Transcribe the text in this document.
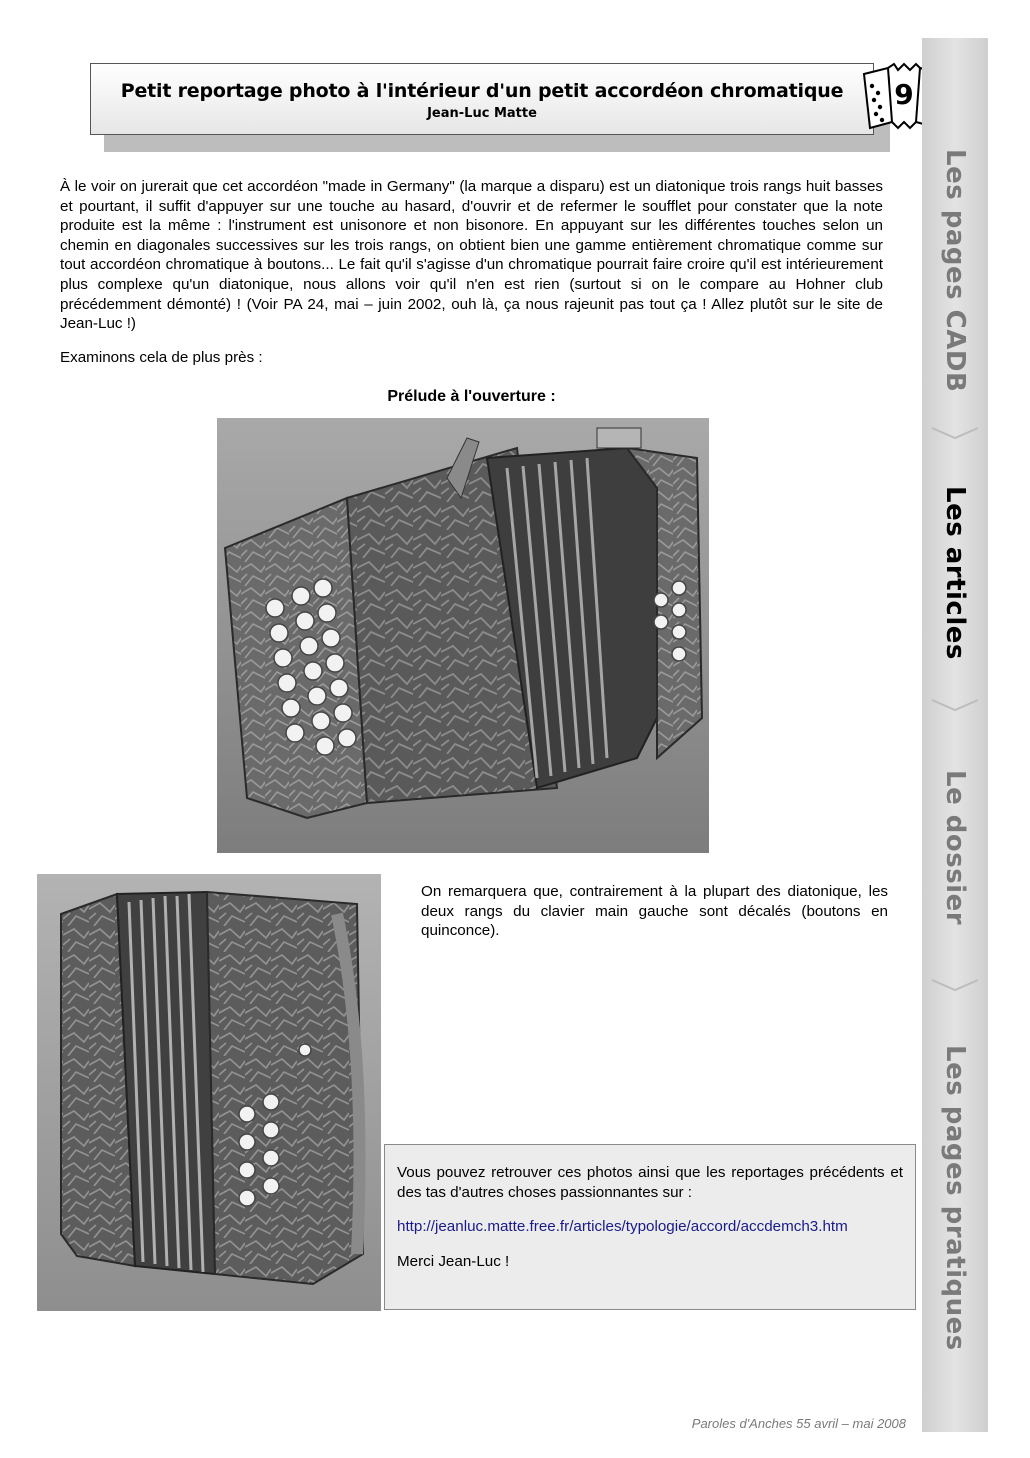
Petit reportage photo à l'intérieur d'un petit accordéon chromatique
Jean-Luc Matte
9
Les pages CADB
Les articles
Le dossier
Les pages pratiques
À le voir on jurerait que cet accordéon "made in Germany" (la marque a disparu) est un diatonique trois rangs huit basses et pourtant, il suffit d'appuyer sur une touche au hasard, d'ouvrir et de refermer le soufflet pour constater que la note produite est la même : l'instrument est unisonore et non bisonore. En appuyant sur les différentes touches selon un chemin en diagonales successives sur les trois rangs, on obtient bien une gamme entièrement chromatique comme sur tout accordéon chromatique à boutons... Le fait qu'il s'agisse d'un chromatique pourrait faire croire qu'il est intérieurement plus complexe qu'un diatonique, nous allons voir qu'il n'en est rien (surtout si on le compare au Hohner club précédemment démonté) ! (Voir PA 24, mai – juin 2002, ouh là, ça nous rajeunit pas tout ça ! Allez plutôt sur le site de Jean-Luc !)
Examinons cela de plus près :
Prélude à l'ouverture :
On remarquera que, contrairement à la plupart des diatonique, les deux rangs du clavier main gauche sont décalés (boutons en quinconce).

Vous pouvez retrouver ces photos ainsi que les reportages précédents et des tas d'autres choses passionnantes sur :

http://jeanluc.matte.free.fr/articles/typologie/accord/accdemch3.htm

Merci Jean-Luc !

Paroles d'Anches 55 avril – mai 2008
